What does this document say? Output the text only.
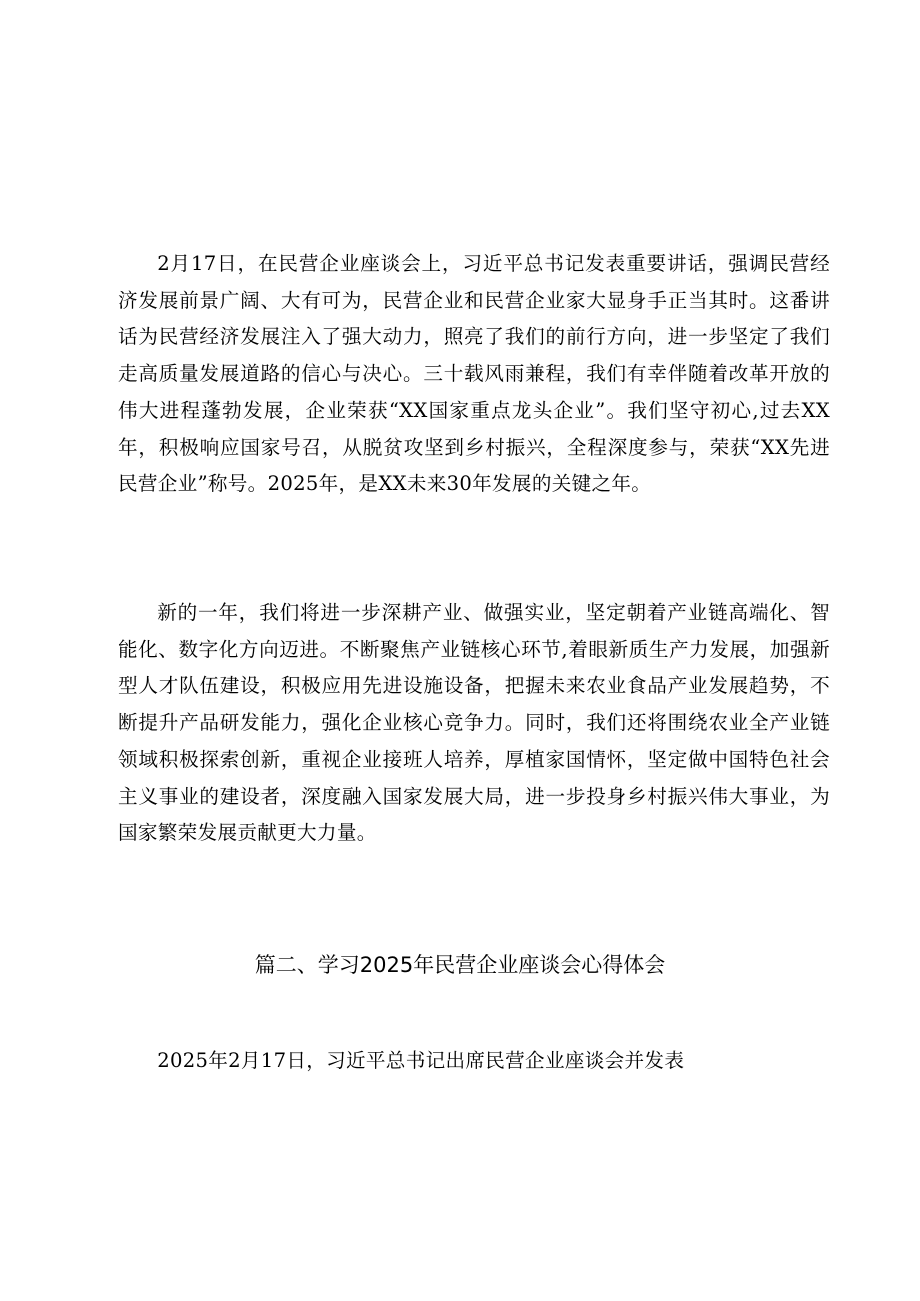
2月17日，在民营企业座谈会上，习近平总书记发表重要讲话，强调民营经济发展前景广阔、大有可为，民营企业和民营企业家大显身手正当其时。这番讲话为民营经济发展注入了强大动力，照亮了我们的前行方向，进一步坚定了我们走高质量发展道路的信心与决心。三十载风雨兼程，我们有幸伴随着改革开放的伟大进程蓬勃发展，企业荣获“XX国家重点龙头企业”。我们坚守初心,过去XX年，积极响应国家号召，从脱贫攻坚到乡村振兴，全程深度参与，荣获“XX先进民营企业”称号。2025年，是XX未来30年发展的关键之年。

新的一年，我们将进一步深耕产业、做强实业，坚定朝着产业链高端化、智能化、数字化方向迈进。不断聚焦产业链核心环节,着眼新质生产力发展，加强新型人才队伍建设，积极应用先进设施设备，把握未来农业食品产业发展趋势，不断提升产品研发能力，强化企业核心竞争力。同时，我们还将围绕农业全产业链领域积极探索创新，重视企业接班人培养，厚植家国情怀，坚定做中国特色社会主义事业的建设者，深度融入国家发展大局，进一步投身乡村振兴伟大事业，为国家繁荣发展贡献更大力量。

篇二、学习2025年民营企业座谈会心得体会

2025年2月17日，习近平总书记出席民营企业座谈会并发表
